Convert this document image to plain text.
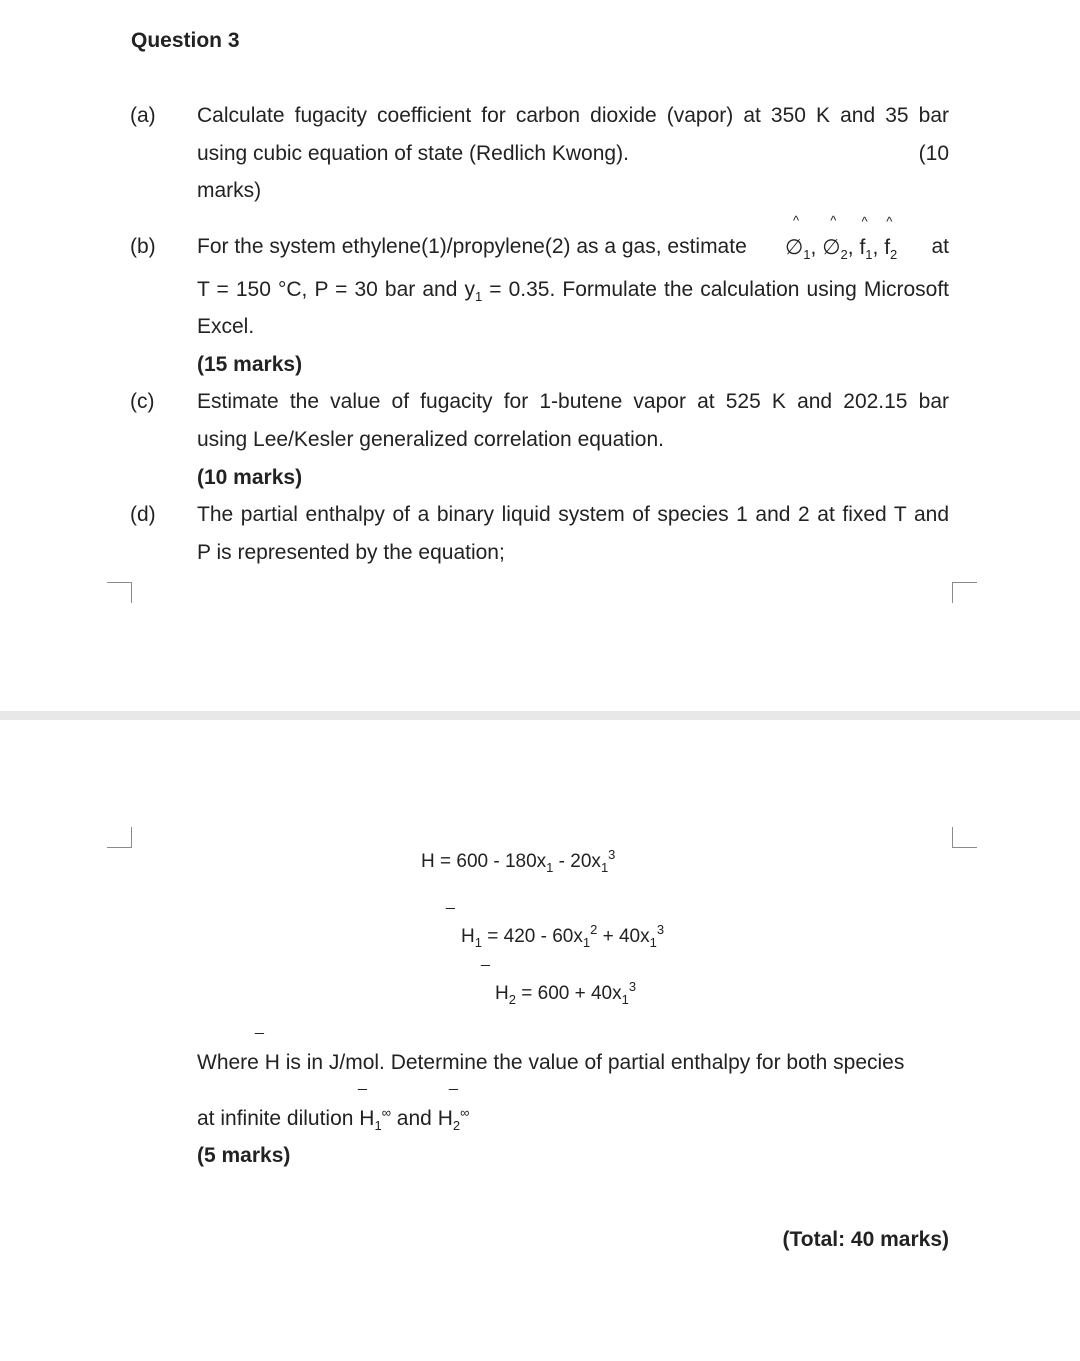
Question 3
(a) Calculate fugacity coefficient for carbon dioxide (vapor) at 350 K and 35 bar
using cubic equation of state (Redlich Kwong).	(10
marks)
(b) For the system ethylene(1)/propylene(2) as a gas, estimate
^
$\emptyset_1$,
^
$\emptyset_2$,
^
$f_1$,
^
$f_2$ at
T = 150 °C, P = 30 bar and $y_1 = 0.35$. Formulate the calculation using Microsoft
Excel.
(15 marks)
(c) Estimate the value of fugacity for 1-butene vapor at 525 K and 202.15 bar
using Lee/Kesler generalized correlation equation.
(10 marks)
(d) The partial enthalpy of a binary liquid system of species 1 and 2 at fixed T and
P is represented by the equation;
$H = 600 - 180x_1 - 20x_1^3$
_
$H_1 = 420 - 60x_1^2 + 40x_1^3$
_
$H_2 = 600 + 40x_1^3$
_
Where H is in J/mol. Determine the value of partial enthalpy for both species
_	_
at infinite dilution $H_1^\infty$ and $H_2^\infty$
(5 marks)
(Total: 40 marks)
